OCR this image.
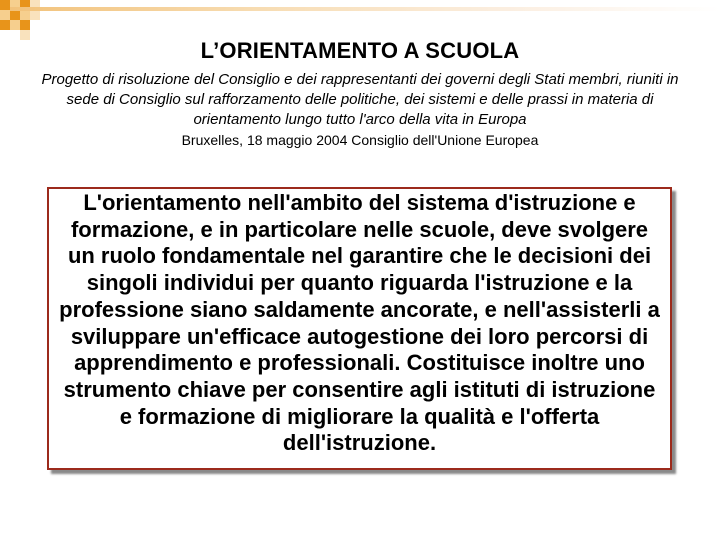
L’ORIENTAMENTO A SCUOLA
Progetto di risoluzione del Consiglio e dei rappresentanti dei governi degli Stati membri, riuniti in sede di Consiglio sul rafforzamento delle politiche, dei sistemi e delle prassi in materia di orientamento lungo tutto l'arco della vita in Europa
Bruxelles, 18 maggio 2004 Consiglio dell'Unione Europea

L'orientamento nell'ambito del sistema d'istruzione e formazione, e in particolare nelle scuole, deve svolgere un ruolo fondamentale nel garantire che le decisioni dei singoli individui per quanto riguarda l'istruzione e la professione siano saldamente ancorate, e nell'assisterli a sviluppare un'efficace autogestione dei loro percorsi di apprendimento e professionali. Costituisce inoltre uno strumento chiave per consentire agli istituti di istruzione e formazione di migliorare la qualità e l'offerta dell'istruzione.
